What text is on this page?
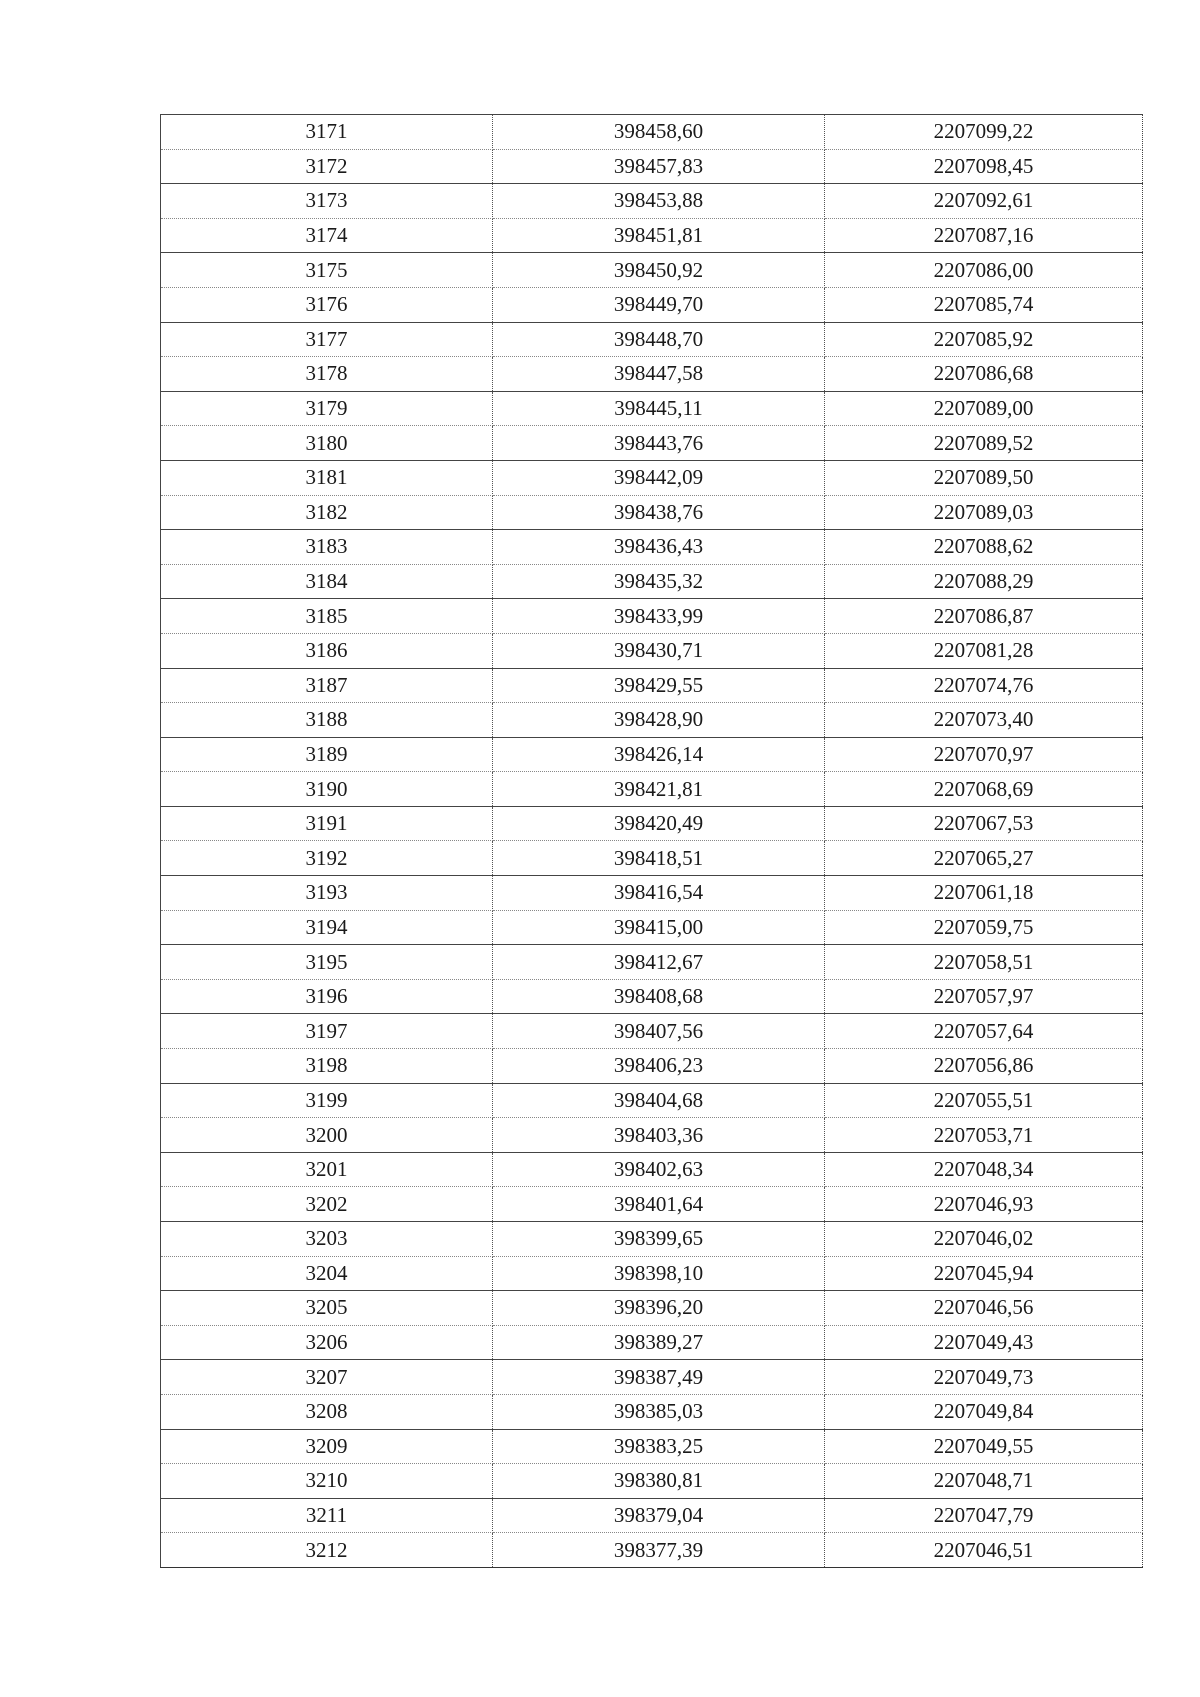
3171	398458,60	2207099,22
3172	398457,83	2207098,45
3173	398453,88	2207092,61
3174	398451,81	2207087,16
3175	398450,92	2207086,00
3176	398449,70	2207085,74
3177	398448,70	2207085,92
3178	398447,58	2207086,68
3179	398445,11	2207089,00
3180	398443,76	2207089,52
3181	398442,09	2207089,50
3182	398438,76	2207089,03
3183	398436,43	2207088,62
3184	398435,32	2207088,29
3185	398433,99	2207086,87
3186	398430,71	2207081,28
3187	398429,55	2207074,76
3188	398428,90	2207073,40
3189	398426,14	2207070,97
3190	398421,81	2207068,69
3191	398420,49	2207067,53
3192	398418,51	2207065,27
3193	398416,54	2207061,18
3194	398415,00	2207059,75
3195	398412,67	2207058,51
3196	398408,68	2207057,97
3197	398407,56	2207057,64
3198	398406,23	2207056,86
3199	398404,68	2207055,51
3200	398403,36	2207053,71
3201	398402,63	2207048,34
3202	398401,64	2207046,93
3203	398399,65	2207046,02
3204	398398,10	2207045,94
3205	398396,20	2207046,56
3206	398389,27	2207049,43
3207	398387,49	2207049,73
3208	398385,03	2207049,84
3209	398383,25	2207049,55
3210	398380,81	2207048,71
3211	398379,04	2207047,79
3212	398377,39	2207046,51
